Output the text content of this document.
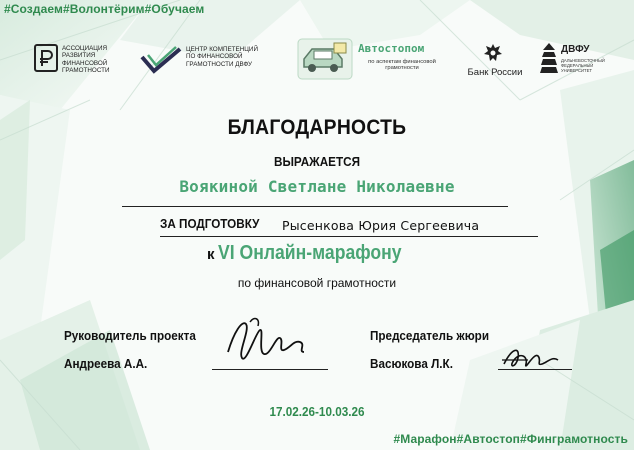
#Создаем#Волонтёрим#Обучаем
#Марафон#Автостоп#Финграмотность
АССОЦИАЦИЯ
РАЗВИТИЯ
ФИНАНСОВОЙ
ГРАМОТНОСТИ
ЦЕНТР КОМПЕТЕНЦИЙ
ПО ФИНАНСОВОЙ
ГРАМОТНОСТИ ДВФУ
Автостопом
по аспектам финансовой грамотности	Банк России
ДВФУ
ДАЛЬНЕВОСТОЧНЫЙ ФЕДЕРАЛЬНЫЙ УНИВЕРСИТЕТ
БЛАГОДАРНОСТЬ
ВЫРАЖАЕТСЯ
Воякиной Светлане Николаевне
ЗА ПОДГОТОВКУ Рысенкова Юрия Сергеевича
к VI Онлайн-марафону
по финансовой грамотности
Руководитель проекта
Андреева А.А.
Председатель жюри
Васюкова Л.К.
17.02.26-10.03.26
